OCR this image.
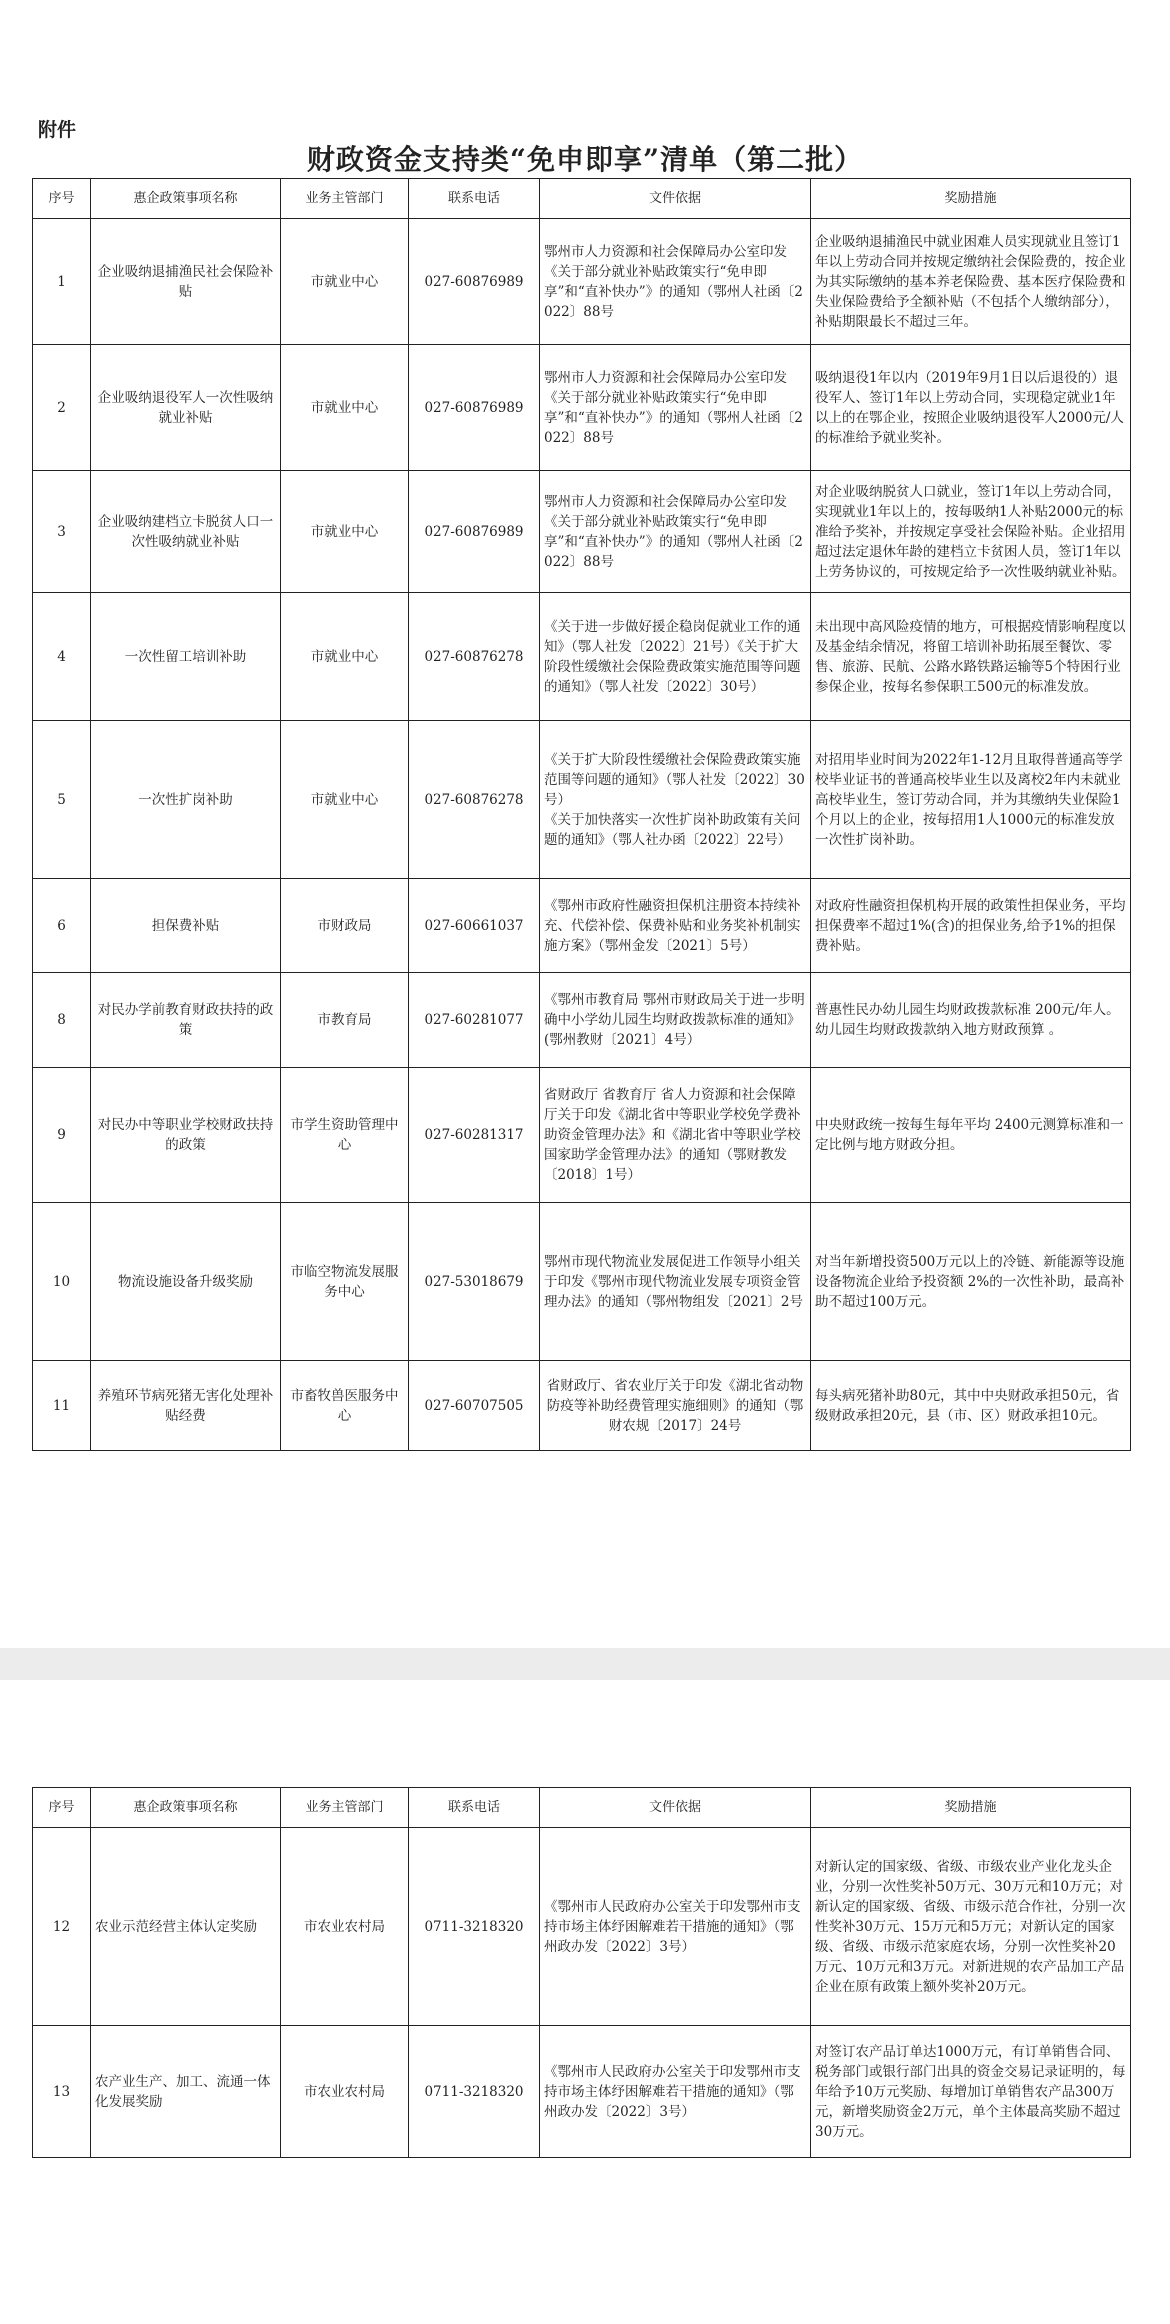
附件
财政资金支持类“免申即享”清单（第二批）
序号	惠企政策事项名称	业务主管部门	联系电话	文件依据	奖励措施
1	企业吸纳退捕渔民社会保险补贴	市就业中心	027-60876989	鄂州市人力资源和社会保障局办公室印发《关于部分就业补贴政策实行“免申即享”和“直补快办”》的通知（鄂州人社函〔2022〕88号	企业吸纳退捕渔民中就业困难人员实现就业且签订1年以上劳动合同并按规定缴纳社会保险费的，按企业为其实际缴纳的基本养老保险费、基本医疗保险费和失业保险费给予全额补贴（不包括个人缴纳部分），补贴期限最长不超过三年。
2	企业吸纳退役军人一次性吸纳就业补贴	市就业中心	027-60876989	鄂州市人力资源和社会保障局办公室印发《关于部分就业补贴政策实行“免申即享”和“直补快办”》的通知（鄂州人社函〔2022〕88号	吸纳退役1年以内（2019年9月1日以后退役的）退役军人、签订1年以上劳动合同，实现稳定就业1年以上的在鄂企业，按照企业吸纳退役军人2000元/人的标准给予就业奖补。
3	企业吸纳建档立卡脱贫人口一次性吸纳就业补贴	市就业中心	027-60876989	鄂州市人力资源和社会保障局办公室印发《关于部分就业补贴政策实行“免申即享”和“直补快办”》的通知（鄂州人社函〔2022〕88号	对企业吸纳脱贫人口就业，签订1年以上劳动合同，实现就业1年以上的，按每吸纳1人补贴2000元的标准给予奖补，并按规定享受社会保险补贴。企业招用超过法定退休年龄的建档立卡贫困人员，签订1年以上劳务协议的，可按规定给予一次性吸纳就业补贴。
4	一次性留工培训补助	市就业中心	027-60876278	《关于进一步做好援企稳岗促就业工作的通知》（鄂人社发〔2022〕21号）《关于扩大阶段性缓缴社会保险费政策实施范围等问题的通知》（鄂人社发〔2022〕30号）	未出现中高风险疫情的地方，可根据疫情影响程度以及基金结余情况，将留工培训补助拓展至餐饮、零售、旅游、民航、公路水路铁路运输等5个特困行业参保企业，按每名参保职工500元的标准发放。
5	一次性扩岗补助	市就业中心	027-60876278	《关于扩大阶段性缓缴社会保险费政策实施范围等问题的通知》（鄂人社发〔2022〕30号）
《关于加快落实一次性扩岗补助政策有关问题的通知》（鄂人社办函〔2022〕22号）	对招用毕业时间为2022年1-12月且取得普通高等学校毕业证书的普通高校毕业生以及离校2年内未就业高校毕业生，签订劳动合同，并为其缴纳失业保险1个月以上的企业，按每招用1人1000元的标准发放一次性扩岗补助。
6	担保费补贴	市财政局	027-60661037	《鄂州市政府性融资担保机注册资本持续补充、代偿补偿、保费补贴和业务奖补机制实施方案》（鄂州金发〔2021〕5号）	对政府性融资担保机构开展的政策性担保业务，平均担保费率不超过1%(含)的担保业务,给予1%的担保费补贴。
8	对民办学前教育财政扶持的政策	市教育局	027-60281077	《鄂州市教育局 鄂州市财政局关于进一步明确中小学幼儿园生均财政拨款标准的通知》(鄂州教财〔2021〕4号）	普惠性民办幼儿园生均财政拨款标准 200元/年人。幼儿园生均财政拨款纳入地方财政预算 。
9	对民办中等职业学校财政扶持的政策	市学生资助管理中心	027-60281317	省财政厅 省教育厅 省人力资源和社会保障厅关于印发《湖北省中等职业学校免学费补助资金管理办法》和《湖北省中等职业学校国家助学金管理办法》的通知（鄂财教发〔2018〕1号）	中央财政统一按每生每年平均 2400元测算标准和一定比例与地方财政分担。
10	物流设施设备升级奖励	市临空物流发展服务中心	027-53018679	鄂州市现代物流业发展促进工作领导小组关于印发《鄂州市现代物流业发展专项资金管理办法》的通知（鄂州物组发〔2021〕2号	对当年新增投资500万元以上的冷链、新能源等设施设备物流企业给予投资额 2%的一次性补助，最高补助不超过100万元。
11	养殖环节病死猪无害化处理补贴经费	市畜牧兽医服务中心	027-60707505	省财政厅、省农业厅关于印发《湖北省动物防疫等补助经费管理实施细则》的通知（鄂财农规〔2017〕24号	每头病死猪补助80元，其中中央财政承担50元，省级财政承担20元，县（市、区）财政承担10元。
序号	惠企政策事项名称	业务主管部门	联系电话	文件依据	奖励措施
12	农业示范经营主体认定奖励	市农业农村局	0711-3218320	《鄂州市人民政府办公室关于印发鄂州市支持市场主体纾困解难若干措施的通知》（鄂州政办发〔2022〕3号）	对新认定的国家级、省级、市级农业产业化龙头企业，分别一次性奖补50万元、30万元和10万元；对新认定的国家级、省级、市级示范合作社，分别一次性奖补30万元、15万元和5万元；对新认定的国家级、省级、市级示范家庭农场，分别一次性奖补20万元、10万元和3万元。对新进规的农产品加工产品企业在原有政策上额外奖补20万元。
13	农产业生产、加工、流通一体化发展奖励	市农业农村局	0711-3218320	《鄂州市人民政府办公室关于印发鄂州市支持市场主体纾困解难若干措施的通知》（鄂州政办发〔2022〕3号）	对签订农产品订单达1000万元，有订单销售合同、税务部门或银行部门出具的资金交易记录证明的，每年给予10万元奖励、每增加订单销售农产品300万元，新增奖励资金2万元，单个主体最高奖励不超过30万元。
